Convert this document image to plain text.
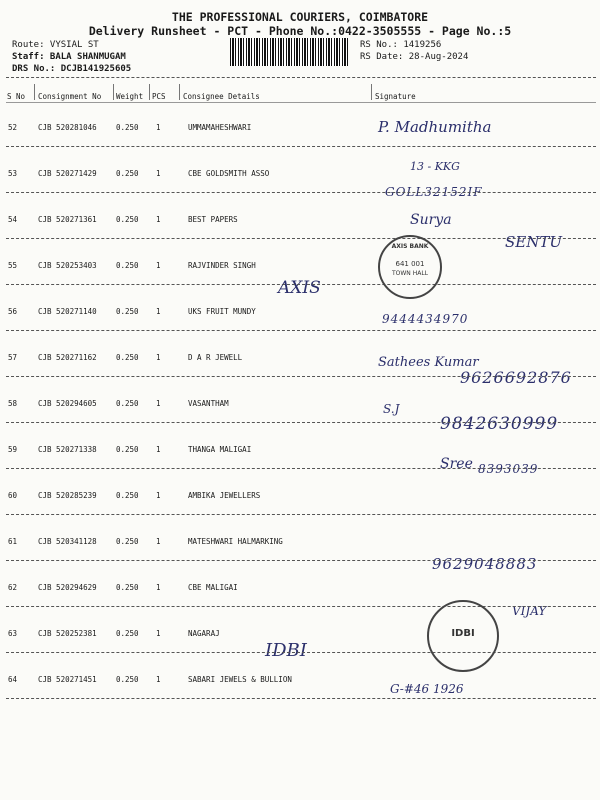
THE PROFESSIONAL COURIERS, COIMBATORE
Delivery Runsheet - PCT - Phone No.:0422-3505555 - Page No.:5
Route: VYSIAL ST
Staff: BALA SHANMUGAM
DRS No.: DCJB141925605
RS No.: 1419256
RS Date: 28-Aug-2024
S No Consignment No Weight PCS Consignee Details	Signature
52	CJB 520281046	0.250 1	UMMAMAHESHWARI	P. Madhumitha
53	CJB 520271429	0.250 1	CBE GOLDSMITH ASSO
13 - KKG
GOLL32152IF
54	CJB 520271361	0.250 1	BEST PAPERS	Surya
SENTU
55	CJB 520253403	0.250 1	RAJVINDER SINGH
AXIS
56	CJB 520271140	0.250 1	UKS FRUIT MUNDY
9444434970
57	CJB 520271162	0.250 1	D A R JEWELL	Sathees Kumar
9626692876
58	CJB 520294605	0.250 1	VASANTHAM	S.J
9842630999
59	CJB 520271338	0.250 1	THANGA MALIGAI
Sree 8393039
60	CJB 520285239	0.250 1	AMBIKA JEWELLERS
61	CJB 520341128	0.250 1	MATESHWARI HALMARKING
9629048883
62	CJB 520294629	0.250 1	CBE MALIGAI
VIJAY
63	CJB 520252381	0.250 1	NAGARAJ
IDBI
64	CJB 520271451	0.250 1	SABARI JEWELS & BULLION
G-#46 1926
AXIS BANK
641 001
TOWN HALL
IDBI
